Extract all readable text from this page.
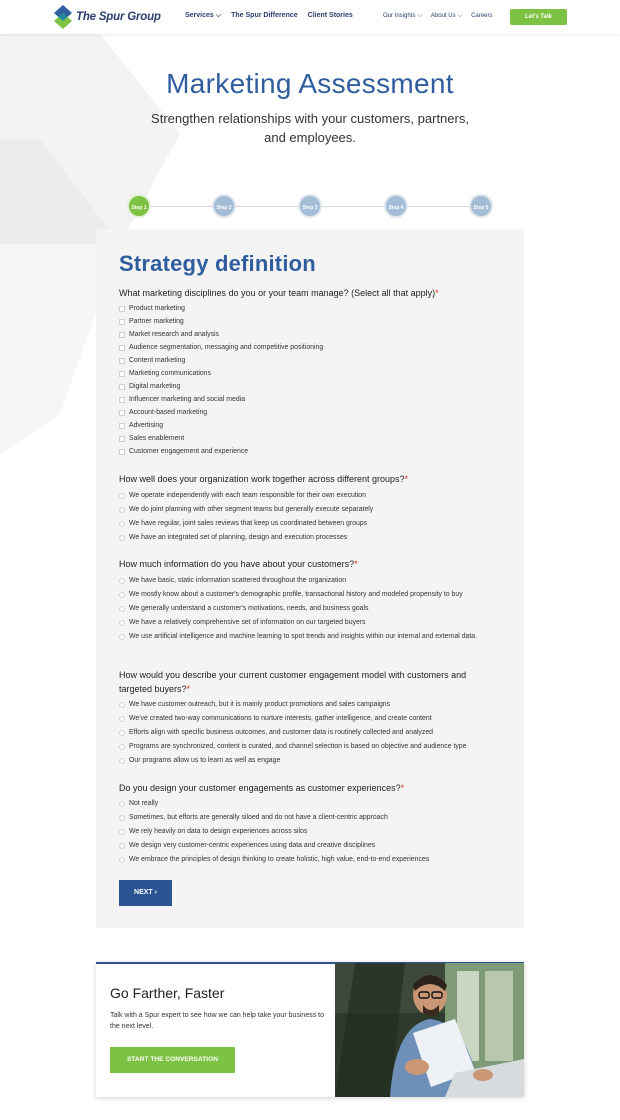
The Spur Group	Services ⌵ The Spur Difference Client Stories	Our Insights ⌵ About Us ⌵ Careers	Let's Talk
Marketing Assessment

Strengthen relationships with your customers, partners, and employees.

Step 1	Step 2	Step 3	Step 4	Step 5
Strategy definition
What marketing disciplines do you or your team manage? (Select all that apply)*
Product marketing
Partner marketing
Market research and analysis
Audience segmentation, messaging and competitive positioning
Content marketing
Marketing communications
Digital marketing
Influencer marketing and social media
Account-based marketing
Advertising
Sales enablement
Customer engagement and experience
How well does your organization work together across different groups?*
We operate independently with each team responsible for their own execution
We do joint planning with other segment teams but generally execute separately
We have regular, joint sales reviews that keep us coordinated between groups
We have an integrated set of planning, design and execution processes
How much information do you have about your customers?*
We have basic, static information scattered throughout the organization
We mostly know about a customer's demographic profile, transactional history and modeled propensity to buy
We generally understand a customer's motivations, needs, and business goals
We have a relatively comprehensive set of information on our targeted buyers
We use artificial intelligence and machine learning to spot trends and insights within our internal and external data.
How would you describe your current customer engagement model with customers and targeted buyers?*
We have customer outreach, but it is mainly product promotions and sales campaigns
We've created two-way communications to nurture interests, gather intelligence, and create content
Efforts align with specific business outcomes, and customer data is routinely collected and analyzed
Programs are synchronized, content is curated, and channel selection is based on objective and audience type
Our programs allow us to learn as well as engage
Do you design your customer engagements as customer experiences?*
Not really
Sometimes, but efforts are generally siloed and do not have a client-centric approach
We rely heavily on data to design experiences across silos
We design very customer-centric experiences using data and creative disciplines
We embrace the principles of design thinking to create holistic, high value, end-to-end experiences
NEXT ›
Go Farther, Faster
Talk with a Spur expert to see how we can help take your business to the next level.
START THE CONVERSATION
